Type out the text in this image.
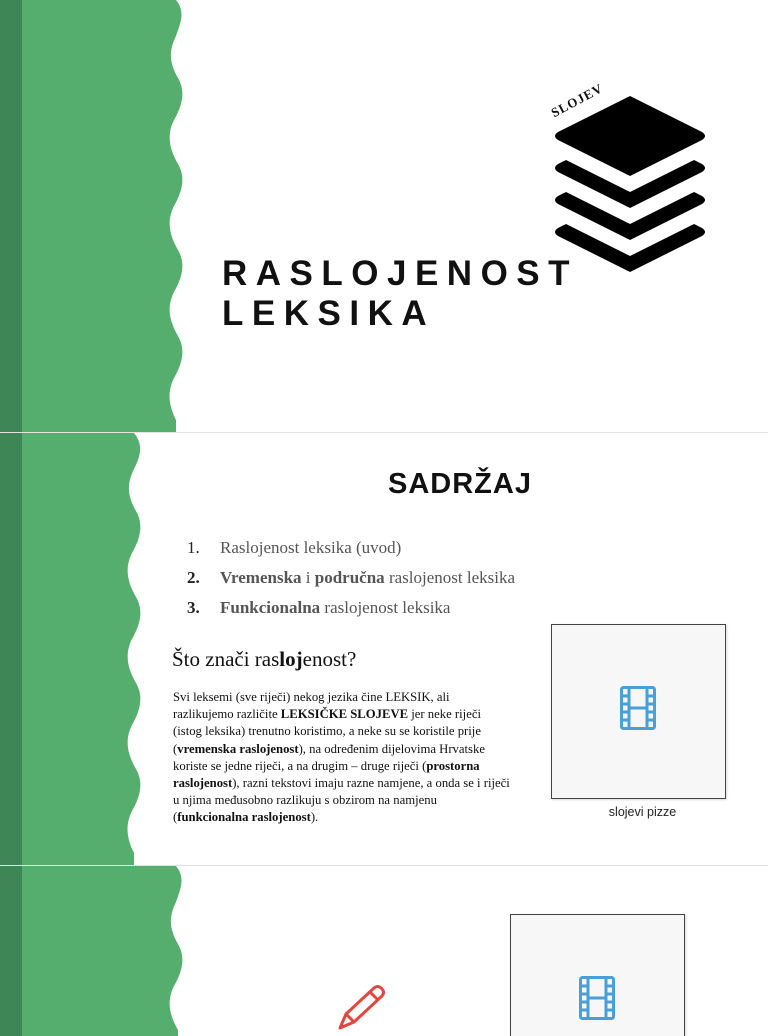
RASLOJENOST
LEKSIKA
SLOJEV
SADRŽAJ
1. Raslojenost leksika (uvod)
2. Vremenska i područna raslojenost leksika
3. Funkcionalna raslojenost leksika
Što znači raslojenost?

Svi leksemi (sve riječi) nekog jezika čine LEKSIK, ali razlikujemo različite LEKSIČKE SLOJEVE jer neke riječi (istog leksika) trenutno koristimo, a neke su se koristile prije (vremenska raslojenost), na određenim dijelovima Hrvatske koriste se jedne riječi, a na drugim – druge riječi (prostorna raslojenost), razni tekstovi imaju razne namjene, a onda se i riječi u njima međusobno razlikuju s obzirom na namjenu (funkcionalna raslojenost).	slojevi pizze
